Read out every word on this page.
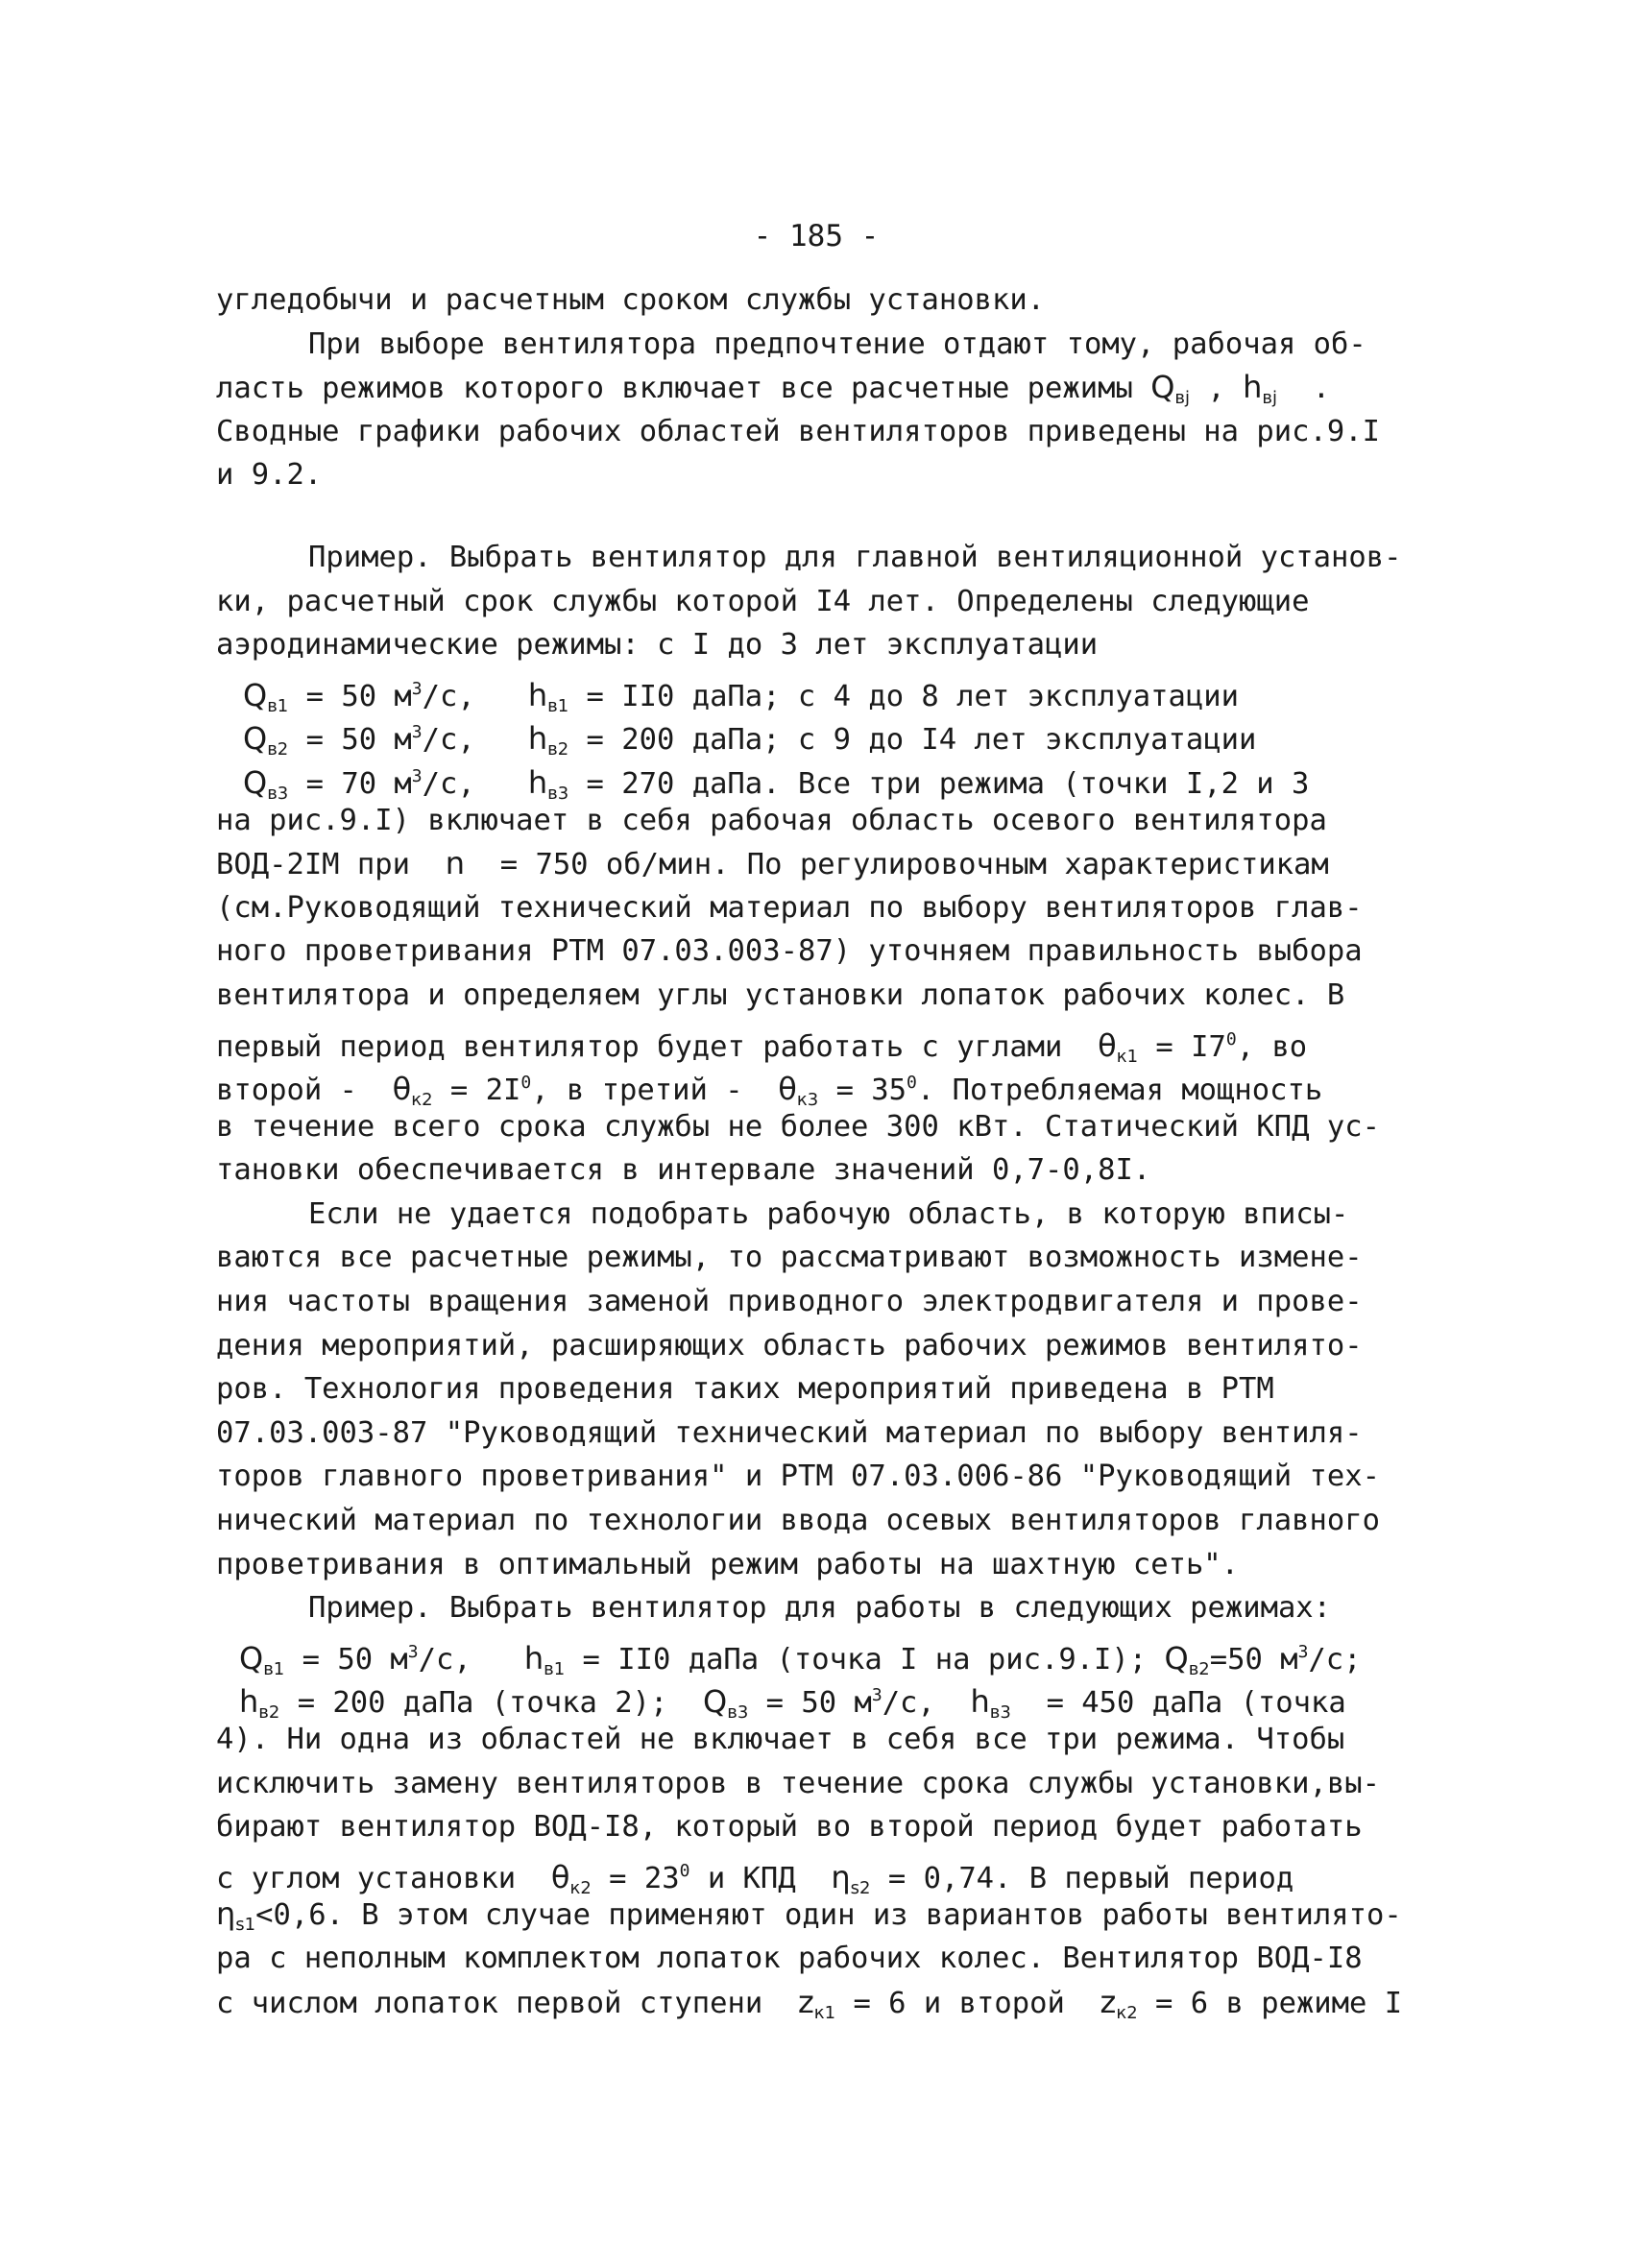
- 185 -
угледобычи и расчетным сроком службы установки.
При выборе вентилятора предпочтение отдают тому, рабочая об-
ласть режимов которого включает все расчетные режимы $Q_{вj}$ , $h_{вj}$  .
Сводные графики рабочих областей вентиляторов приведены на рис.9.I
и 9.2.
Пример. Выбрать вентилятор для главной вентиляционной установ-
ки, расчетный срок службы которой I4 лет. Определены следующие
аэродинамические режимы: с I до 3 лет эксплуатации
$Q_{в1} = 50$ $м^3/с$,   $h_{в1} = II0$ даПа; с 4 до 8 лет эксплуатации
$Q_{в2} = 50$ $м^3/с$,   $h_{в2} = 200$ даПа; с 9 до I4 лет эксплуатации
$Q_{в3} = 70$ $м^3/с$,   $h_{в3} = 270$ даПа. Все три режима (точки I,2 и 3
на рис.9.I) включает в себя рабочая область осевого вентилятора
ВОД-2IМ при  n  = 750 об/мин. По регулировочным характеристикам
(см.Руководящий технический материал по выбору вентиляторов глав-
ного проветривания РТМ 07.03.003-87) уточняем правильность выбора
вентилятора и определяем углы установки лопаток рабочих колес. В
первый период вентилятор будет работать с углами  $\theta_{к1} = I7^0$, во
второй -  $\theta_{к2} = 2I^0$, в третий -  $\theta_{к3} = 35^0$. Потребляемая мощность
в течение всего срока службы не более 300 кВт. Статический КПД ус-
тановки обеспечивается в интервале значений 0,7-0,8I.
Если не удается подобрать рабочую область, в которую вписы-
ваются все расчетные режимы, то рассматривают возможность измене-
ния частоты вращения заменой приводного электродвигателя и прове-
дения мероприятий, расширяющих область рабочих режимов вентилято-
ров. Технология проведения таких мероприятий приведена в РТМ
07.03.003-87 "Руководящий технический материал по выбору вентиля-
торов главного проветривания" и РТМ 07.03.006-86 "Руководящий тех-
нический материал по технологии ввода осевых вентиляторов главного
проветривания в оптимальный режим работы на шахтную сеть".
Пример. Выбрать вентилятор для работы в следующих режимах:
$Q_{в1} = 50$ $м^3/с$,   $h_{в1} = II0$ даПа (точка I на рис.9.I); $Q_{в2}=50$ $м^3/с$;
$h_{в2} = 200$ даПа (точка 2);  $Q_{в3} = 50$ $м^3/с$,  $h_{в3} = 450$ даПа (точка
4). Ни одна из областей не включает в себя все три режима. Чтобы
исключить замену вентиляторов в течение срока службы установки,вы-
бирают вентилятор ВОД-I8, который во второй период будет работать
с углом установки  $\theta_{к2} = 23^0$ и КПД  $\eta_{s2} = 0,74$. В первый период
$\eta_{s1}<0,6$. В этом случае применяют один из вариантов работы вентилято-
ра с неполным комплектом лопаток рабочих колес. Вентилятор ВОД-I8
с числом лопаток первой ступени  $z_{к1} = 6$ и второй  $z_{к2} = 6$ в режиме I
